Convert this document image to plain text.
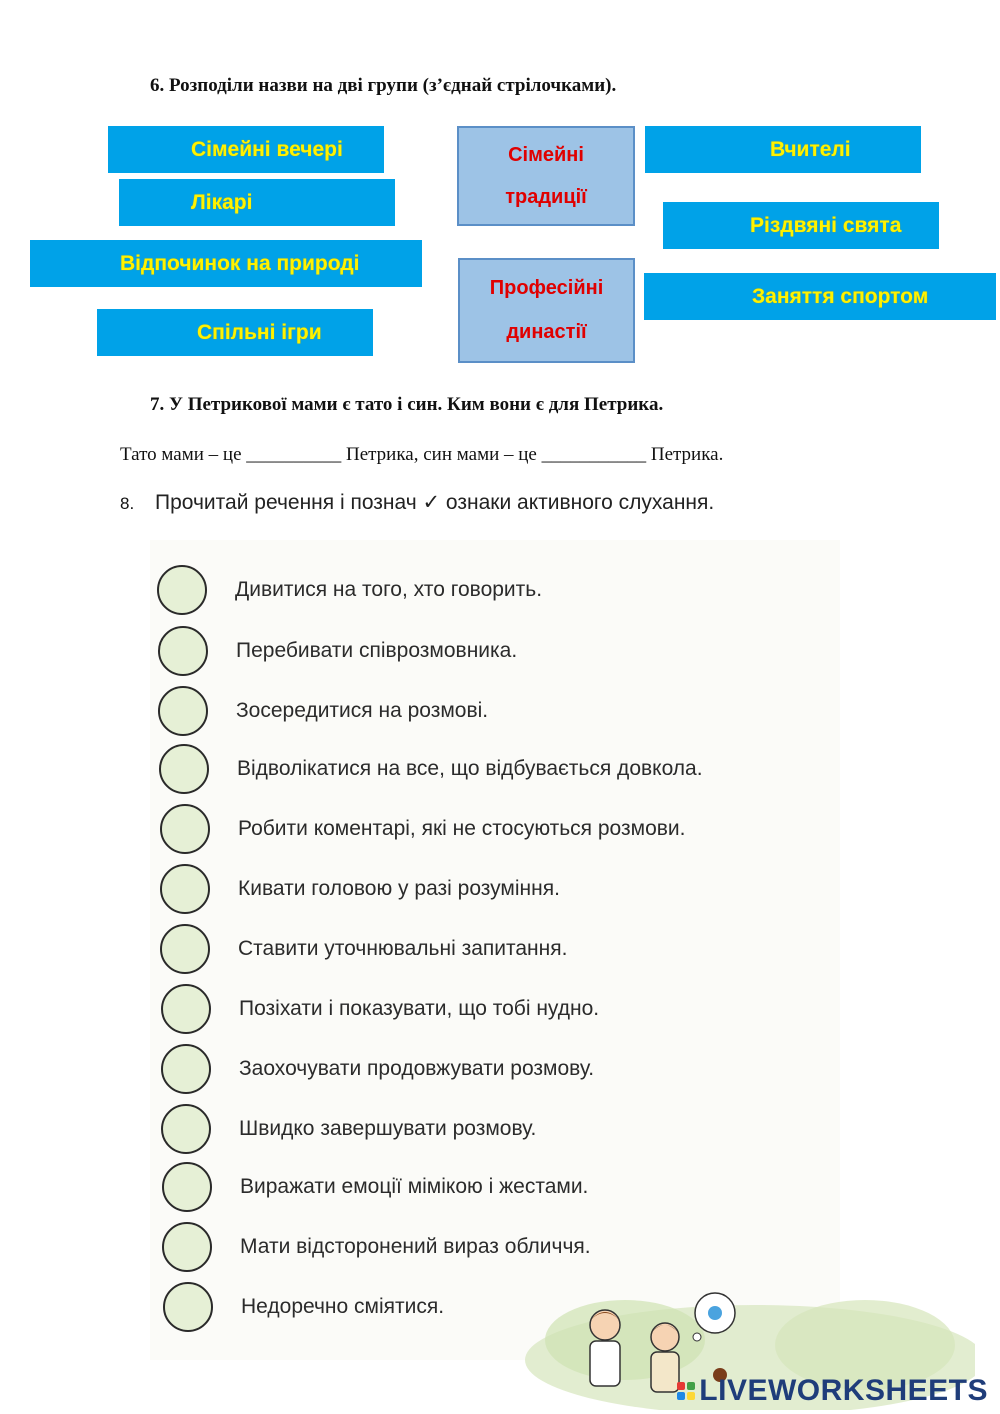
6. Розподіли назви на дві групи (з’єднай стрілочками).
Сімейні вечері
Лікарі
Відпочинок на природі
Спільні ігри
Сімейні
традиції
Професійні
династії
Вчителі
Різдвяні свята
Заняття спортом
7. У Петрикової мами є тато і син. Ким вони є для Петрика.
Тато мами – це __________ Петрика, син мами – це ___________ Петрика.
8. Прочитай речення і познач ✓ ознаки активного слухання.
Дивитися на того, хто говорить.
Перебивати співрозмовника.
Зосередитися на розмові.
Відволікатися на все, що відбувається довкола.
Робити коментарі, які не стосуються розмови.
Кивати головою у разі розуміння.
Ставити уточнювальні запитання.
Позіхати і показувати, що тобі нудно.
Заохочувати продовжувати розмову.
Швидко завершувати розмову.
Виражати емоції мімікою і жестами.
Мати відсторонений вираз обличчя.
Недоречно сміятися.
LIVEWORKSHEETS
